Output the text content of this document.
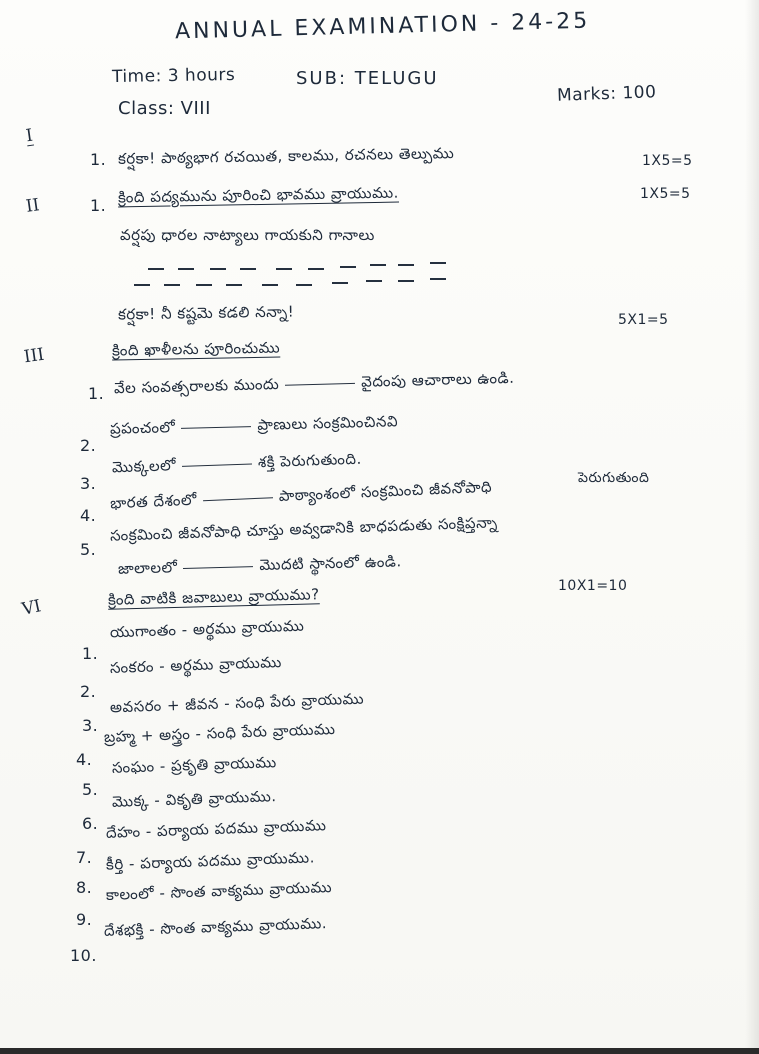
ANNUAL EXAMINATION - 24-25
Time: 3 hours	SUB: TELUGU
Marks: 100
Class: VIII
I
1. కర్షకా! పాఠ్యభాగ రచయిత, కాలము, రచనలు తెల్పుము	1X5=5
II	1. క్రింది పద్యమును పూరించి భావము వ్రాయుము.	1X5=5
వర్షపు ధారల నాట్యాలు గాయకుని గానాలు
కర్షకా! నీ కష్టమె కడలి నన్నా!	5X1=5
III	క్రింది ఖాళీలను పూరించుము
1. వేల సంవత్సరాలకు ముందు	వైదంపు ఆచారాలు ఉండి.
2.
ప్రపంచంలో	ప్రాణులు సంక్రమించినవి
3.
మొక్కలలో	శక్తి పెరుగుతుంది.
4.
భారత దేశంలో	పాఠ్యాంశంలో సంక్రమించి జీవనోపాధి	పెరుగుతుంది
5.
సంక్రమించి జీవనోపాధి చూస్తు అవ్వడానికి బాధపడుతు సంక్షిప్తన్నా
జాలాలలో	మొదటి స్థానంలో ఉండి.
VI	క్రింది వాటికి జవాబులు వ్రాయుము?	10X1=10
1.
యుగాంతం - అర్థము వ్రాయుము
2.
సంకరం - అర్థము వ్రాయుము
3.
అవసరం + జీవన - సంధి పేరు వ్రాయుము
4.
బ్రహ్మ + అస్త్రం - సంధి పేరు వ్రాయుము
5.
సంఘం - ప్రకృతి వ్రాయుము
6.
మొక్క - వికృతి వ్రాయుము.
7.
దేహం - పర్యాయ పదము వ్రాయుము
8.
కీర్తి - పర్యాయ పదము వ్రాయుము.
9.
కాలంలో - సొంత వాక్యము వ్రాయుము
10.
దేశభక్తి - సొంత వాక్యము వ్రాయుము.
